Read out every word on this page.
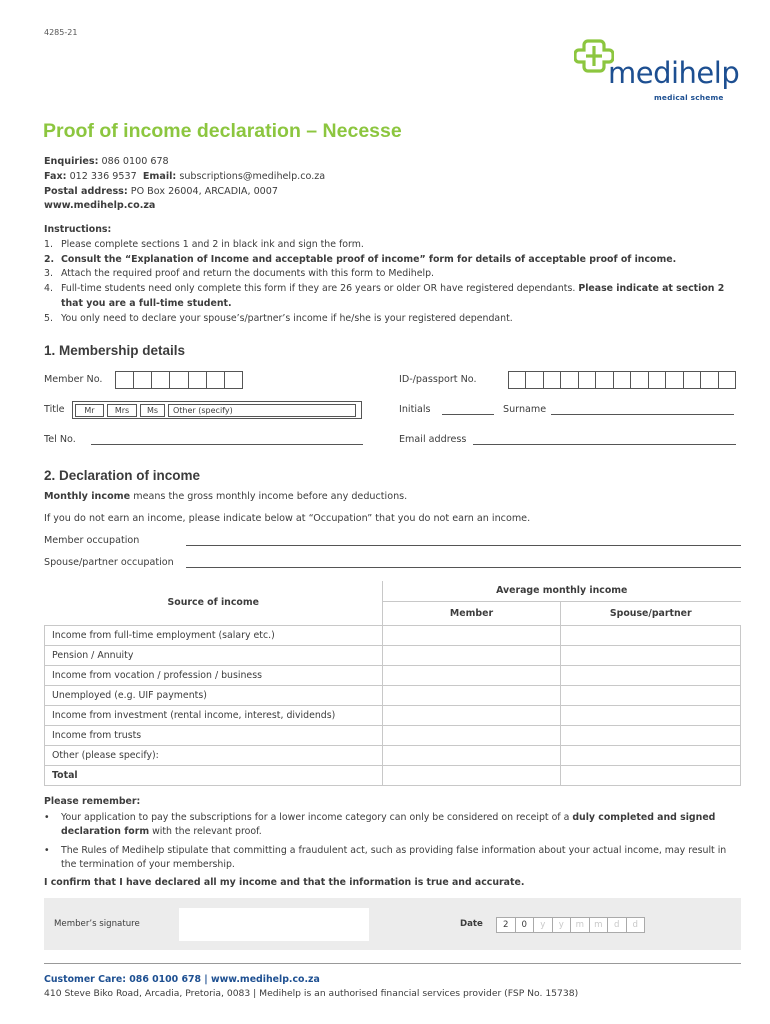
4285-21
medihelp
medical scheme
Proof of income declaration – Necesse
Enquiries: 086 0100 678
Fax: 012 336 9537 Email: subscriptions@medihelp.co.za
Postal address: PO Box 26004, ARCADIA, 0007
www.medihelp.co.za
Instructions:
1. Please complete sections 1 and 2 in black ink and sign the form.
2. Consult the “Explanation of Income and acceptable proof of income” form for details of acceptable proof of income.
3. Attach the required proof and return the documents with this form to Medihelp.
4. Full-time students need only complete this form if they are 26 years or older OR have registered dependants. Please indicate at section 2 that you are a full-time student.
5. You only need to declare your spouse’s/partner’s income if he/she is your registered dependant.
1. Membership details
Member No.	ID-/passport No.
Title	Mr	Mrs	Ms	Other (specify)	Initials	Surname
Tel No.	Email address
2. Declaration of income
Monthly income means the gross monthly income before any deductions.
If you do not earn an income, please indicate below at “Occupation” that you do not earn an income.
Member occupation
Spouse/partner occupation
Source of income	Average monthly income	
	Member	Spouse/partner
Income from full-time employment (salary etc.)		
Pension / Annuity		
Income from vocation / profession / business		
Unemployed (e.g. UIF payments)		
Income from investment (rental income, interest, dividends)		
Income from trusts		
Other (please specify):		
Total		
Please remember:
•	Your application to pay the subscriptions for a lower income category can only be considered on receipt of a duly completed and signed declaration form with the relevant proof.
•	The Rules of Medihelp stipulate that committing a fraudulent act, such as providing false information about your actual income, may result in the termination of your membership.
I confirm that I have declared all my income and that the information is true and accurate.
Member’s signature	Date	2	0	y	y	m	m	d	d
Customer Care: 086 0100 678 | www.medihelp.co.za
410 Steve Biko Road, Arcadia, Pretoria, 0083 | Medihelp is an authorised financial services provider (FSP No. 15738)
